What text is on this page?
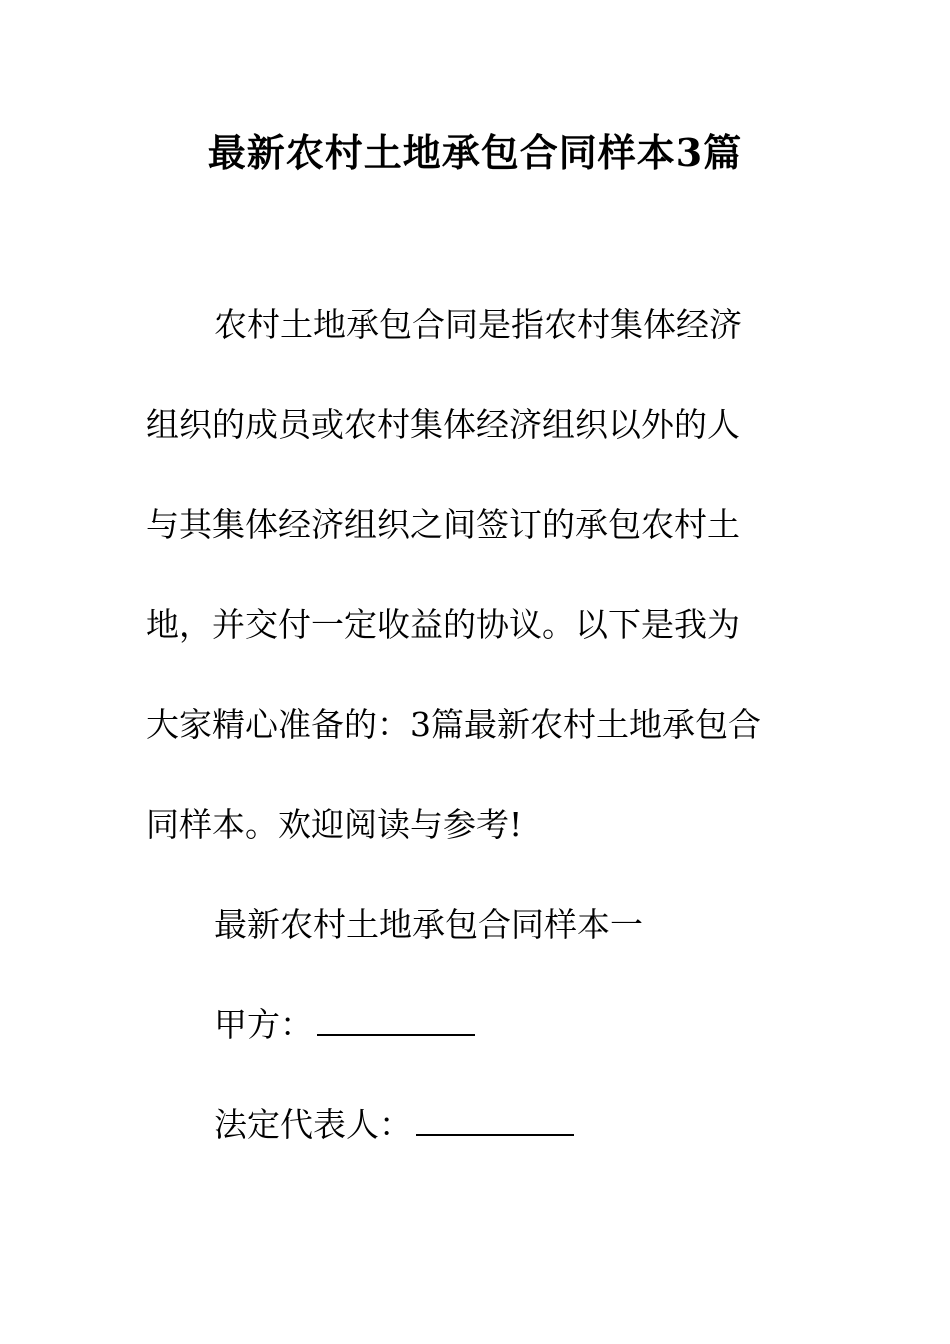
最新农村土地承包合同样本3篇
农村土地承包合同是指农村集体经济
组织的成员或农村集体经济组织以外的人
与其集体经济组织之间签订的承包农村土
地，并交付一定收益的协议。以下是我为
大家精心准备的：3篇最新农村土地承包合
同样本。欢迎阅读与参考!

最新农村土地承包合同样本一

甲方：

法定代表人：
